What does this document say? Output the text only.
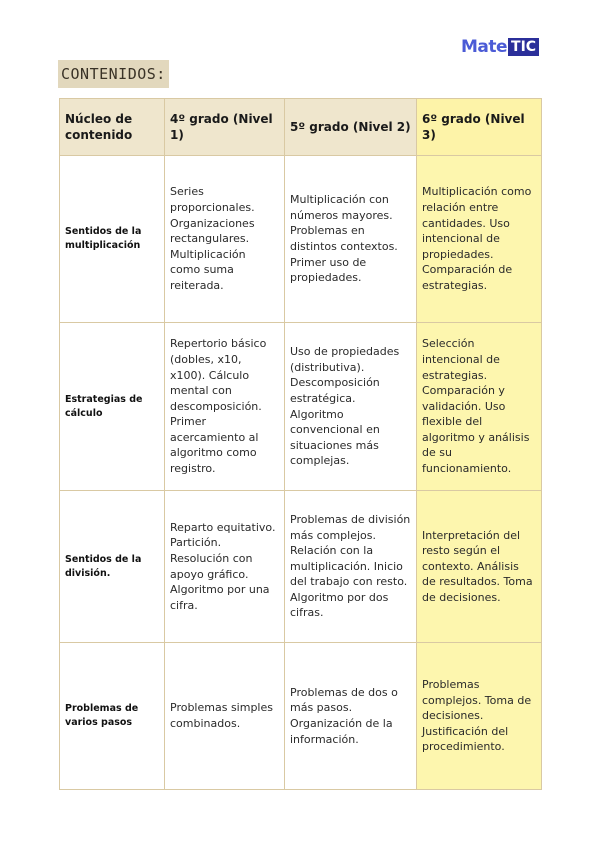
Mate TIC
CONTENIDOS:
Núcleo de contenido	4º grado (Nivel 1)	5º grado (Nivel 2)	6º grado (Nivel 3)
Sentidos de la multiplicación	Series proporcionales. Organizaciones rectangulares. Multiplicación como suma reiterada.	Multiplicación con números mayores. Problemas en distintos contextos. Primer uso de propiedades.	Multiplicación como relación entre cantidades. Uso intencional de propiedades. Comparación de estrategias.
Estrategias de cálculo	Repertorio básico (dobles, x10, x100). Cálculo mental con descomposición. Primer acercamiento al algoritmo como registro.	Uso de propiedades (distributiva). Descomposición estratégica. Algoritmo convencional en situaciones más complejas.	Selección intencional de estrategias. Comparación y validación. Uso flexible del algoritmo y análisis de su funcionamiento.
Sentidos de la división.	Reparto equitativo. Partición. Resolución con apoyo gráfico. Algoritmo por una cifra.	Problemas de división más complejos. Relación con la multiplicación. Inicio del trabajo con resto. Algoritmo por dos cifras.	Interpretación del resto según el contexto. Análisis de resultados. Toma de decisiones.
Problemas de varios pasos	Problemas simples combinados.	Problemas de dos o más pasos. Organización de la información.	Problemas complejos. Toma de decisiones. Justificación del procedimiento.
